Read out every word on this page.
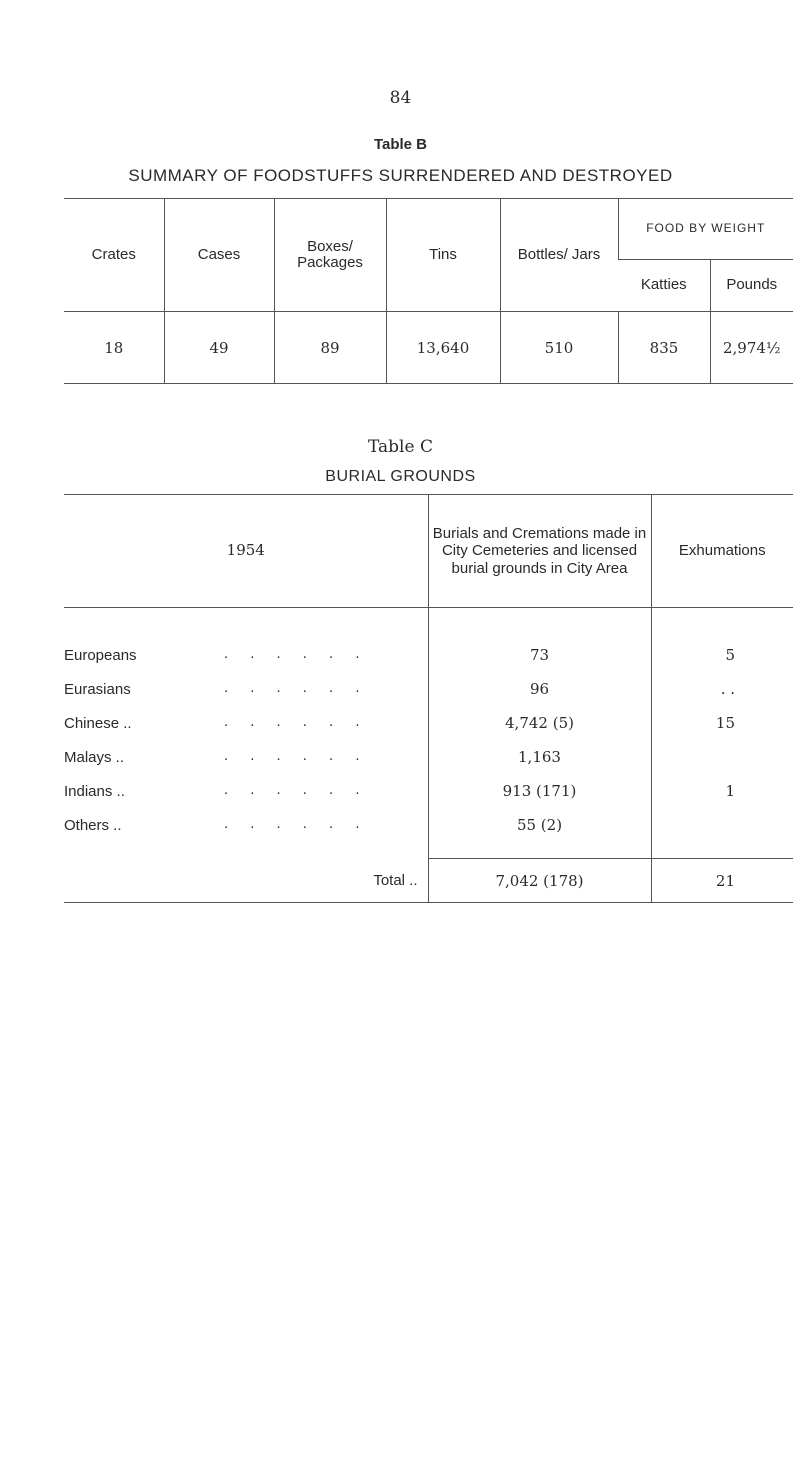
84
Table B
SUMMARY OF FOODSTUFFS SURRENDERED AND DESTROYED
Crates	Cases	Boxes/ Packages	Tins	Bottles/ Jars	FOOD BY WEIGHT	
					Katties	Pounds
18	49	89	13,640	510	835	2,974½
Table C
BURIAL GROUNDS
1954	Burials and Cremations made in City Cemeteries and licensed burial grounds in City Area	Exhumations
Europeans . . . . . .	73	5
Eurasians . . . . . .	96	. .
Chinese .. . . . . . .	4,742 (5)	15
Malays .. . . . . . .	1,163	
Indians .. . . . . . .	913 (171)	1
Others .. . . . . . .	55 (2)	

Total ..	7,042 (178)	21
